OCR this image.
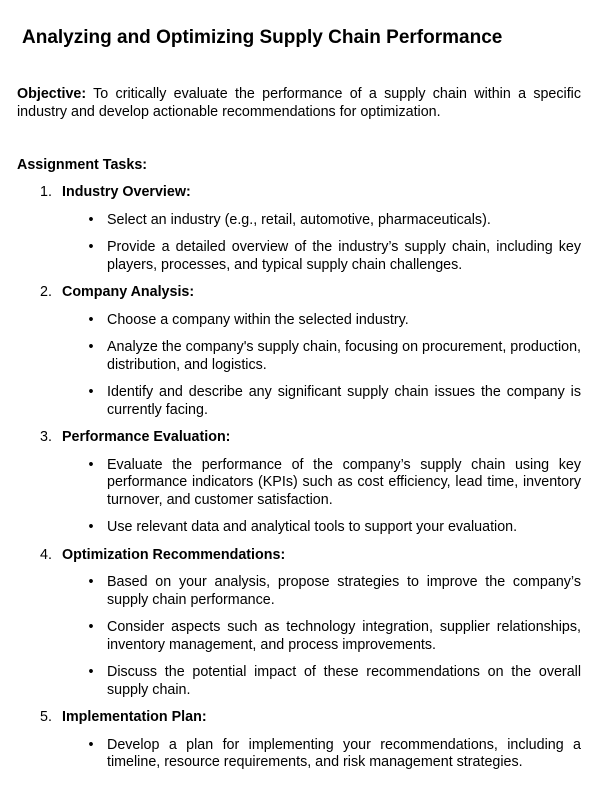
Analyzing and Optimizing Supply Chain Performance

Objective: To critically evaluate the performance of a supply chain within a specific industry and develop actionable recommendations for optimization.

Assignment Tasks:

1. Industry Overview:
• Select an industry (e.g., retail, automotive, pharmaceuticals).
• Provide a detailed overview of the industry’s supply chain, including key players, processes, and typical supply chain challenges.
2. Company Analysis:
• Choose a company within the selected industry.
• Analyze the company's supply chain, focusing on procurement, production, distribution, and logistics.
• Identify and describe any significant supply chain issues the company is currently facing.
3. Performance Evaluation:
• Evaluate the performance of the company’s supply chain using key performance indicators (KPIs) such as cost efficiency, lead time, inventory turnover, and customer satisfaction.
• Use relevant data and analytical tools to support your evaluation.
4. Optimization Recommendations:
• Based on your analysis, propose strategies to improve the company’s supply chain performance.
• Consider aspects such as technology integration, supplier relationships, inventory management, and process improvements.
• Discuss the potential impact of these recommendations on the overall supply chain.
5. Implementation Plan:
• Develop a plan for implementing your recommendations, including a timeline, resource requirements, and risk management strategies.
